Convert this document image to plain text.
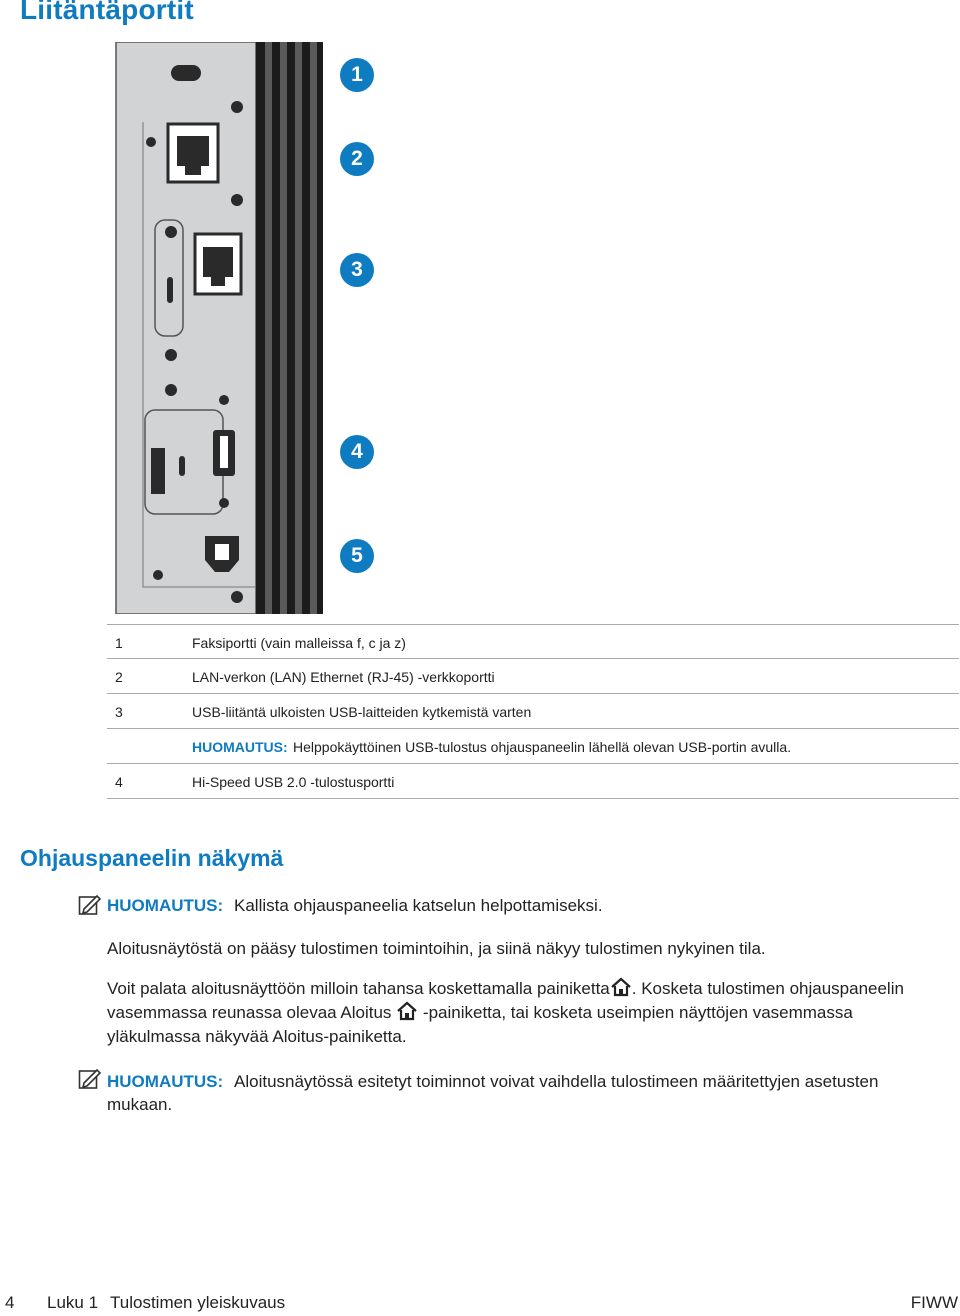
Liitäntäportit
1
2
3
4
5
1	Faksiportti (vain malleissa f, c ja z)
2	LAN-verkon (LAN) Ethernet (RJ-45) -verkkoportti
3	USB-liitäntä ulkoisten USB-laitteiden kytkemistä varten
HUOMAUTUS: Helppokäyttöinen USB-tulostus ohjauspaneelin lähellä olevan USB-portin avulla.
4	Hi-Speed USB 2.0 -tulostusportti
Ohjauspaneelin näkymä
HUOMAUTUS: Kallista ohjauspaneelia katselun helpottamiseksi.
Aloitusnäytöstä on pääsy tulostimen toimintoihin, ja siinä näkyy tulostimen nykyinen tila.
Voit palata aloitusnäyttöön milloin tahansa koskettamalla painiketta . Kosketa tulostimen ohjauspaneelin
vasemmassa reunassa olevaa Aloitus -painiketta, tai kosketa useimpien näyttöjen vasemmassa
yläkulmassa näkyvää Aloitus-painiketta.
HUOMAUTUS: Aloitusnäytössä esitetyt toiminnot voivat vaihdella tulostimeen määritettyjen asetusten
mukaan.
4 Luku 1 Tulostimen yleiskuvaus	FIWW
